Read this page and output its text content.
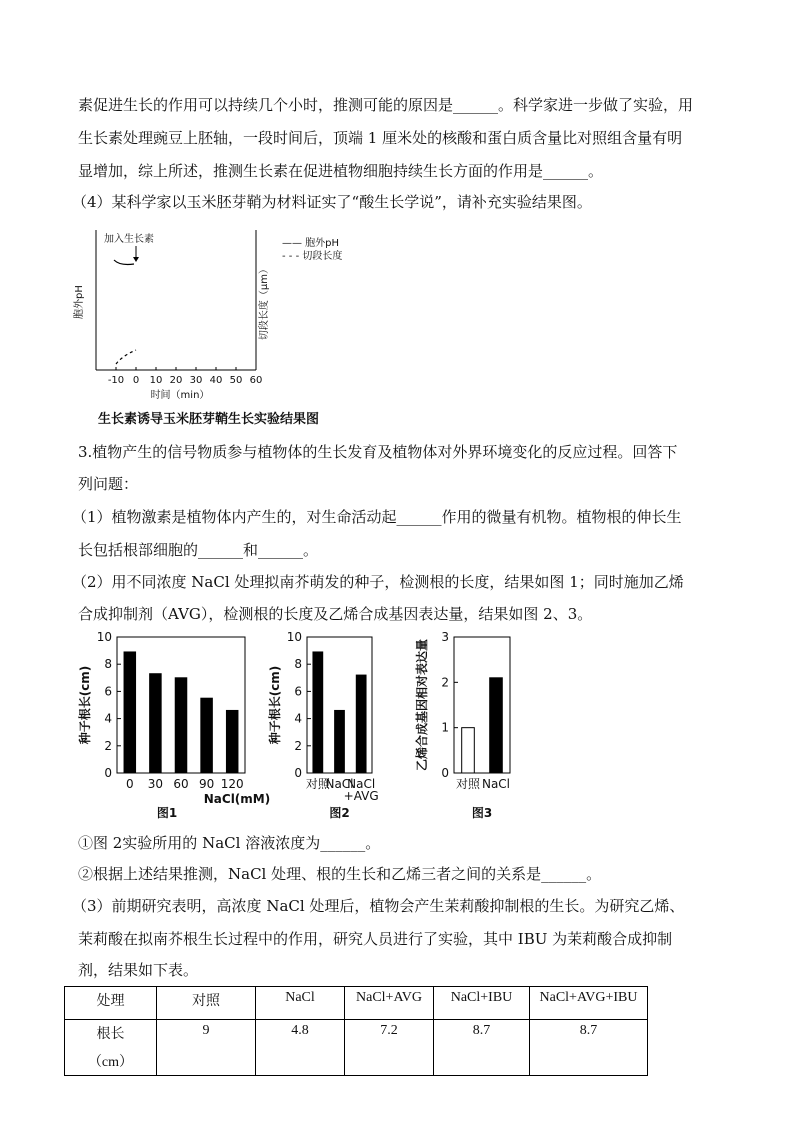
素促进生长的作用可以持续几个小时，推测可能的原因是______。科学家进一步做了实验，用
生长素处理豌豆上胚轴，一段时间后，顶端 1 厘米处的核酸和蛋白质含量比对照组含量有明
显增加，综上所述，推测生长素在促进植物细胞持续生长方面的作用是______。
（4）某科学家以玉米胚芽鞘为材料证实了“酸生长学说”，请补充实验结果图。
胞外pH	切段长度（μm）
加入生长素	—— 胞外pH
- - - 切段长度
-10 0 10 20 30 40 50 60
时间（min）
生长素诱导玉米胚芽鞘生长实验结果图
3.植物产生的信号物质参与植物体的生长发育及植物体对外界环境变化的反应过程。回答下
列问题：
（1）植物激素是植物体内产生的，对生命活动起______作用的微量有机物。植物根的伸长生
长包括根部细胞的______和______。
（2）用不同浓度 NaCl 处理拟南芥萌发的种子，检测根的长度，结果如图 1；同时施加乙烯
合成抑制剂（AVG），检测根的长度及乙烯合成基因表达量，结果如图 2、3。
0
2
4
6
8
10
0 30 60 90 120
种子根长(cm)
NaCl(mM)
图1
0
2
4
6
8
10
对照
NaCl
NaCl
+AVG
种子根长(cm)
图2
0
1
2
3
对照 NaCl
乙烯合成基因相对表达量
图3
①图 2实验所用的 NaCl 溶液浓度为______。
②根据上述结果推测，NaCl 处理、根的生长和乙烯三者之间的关系是______。
（3）前期研究表明，高浓度 NaCl 处理后，植物会产生茉莉酸抑制根的生长。为研究乙烯、
茉莉酸在拟南芥根生长过程中的作用，研究人员进行了实验，其中 IBU 为茉莉酸合成抑制
剂，结果如下表。
处理	对照	NaCl	NaCl+AVG	NaCl+IBU	NaCl+AVG+IBU

根长
（cm）	9	4.8	7.2	8.7	8.7
